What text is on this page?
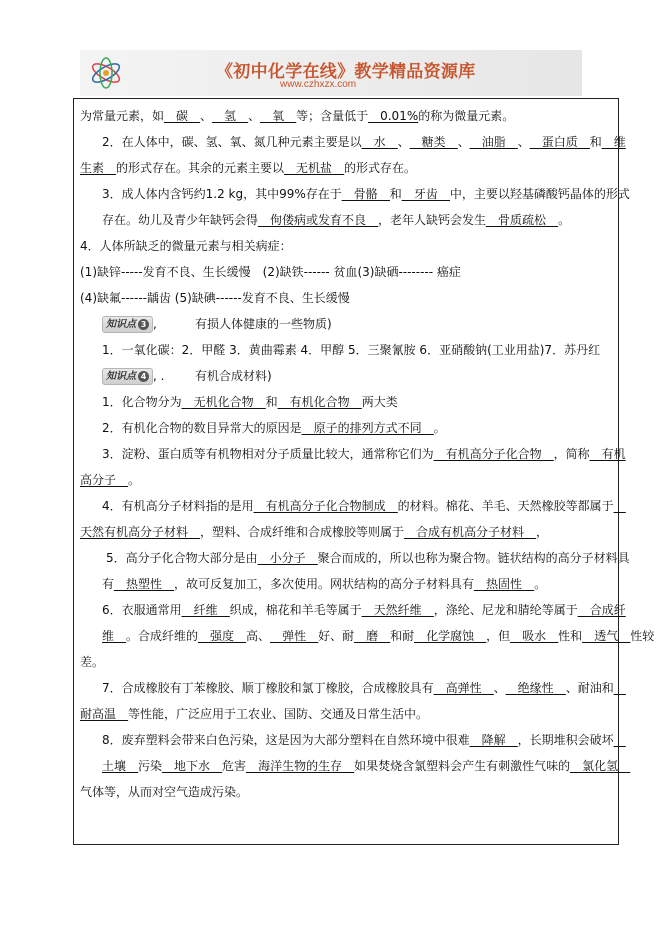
《初中化学在线》教学精品资源库
www.czhxzx.com
为常量元素，如__碳__、__氢__、__氧__等；含量低于__0.01%的称为微量元素。
2．在人体中，碳、氢、氧、氮几种元素主要是以__水__、__糖类__、__油脂__、__蛋白质__和__维
生素__的形式存在。其余的元素主要以__无机盐__的形式存在。
3．成人体内含钙约1.2 kg，其中99%存在于__骨骼__和__牙齿__中，主要以羟基磷酸钙晶体的形式
存在。幼儿及青少年缺钙会得__佝偻病或发育不良__，老年人缺钙会发生__骨质疏松__。
4．人体所缺乏的微量元素与相关病症：
(1)缺锌-----发育不良、生长缓慢　(2)缺铁------ 贫血(3)缺硒-------- 癌症
(4)缺氟------龋齿 (5)缺碘------发育不良、生长缓慢
知识点 3 ,	有损人体健康的一些物质)
1．一氧化碳：2．甲醛 3．黄曲霉素 4．甲醇 5．三聚氰胺 6．亚硝酸钠(工业用盐)7．苏丹红
知识点 4 , .	有机合成材料)
1．化合物分为__无机化合物__和__有机化合物__两大类
2．有机化合物的数目异常大的原因是__原子的排列方式不同__。
3．淀粉、蛋白质等有机物相对分子质量比较大，通常称它们为__有机高分子化合物__，简称__有机
高分子__。
4．有机高分子材料指的是用__有机高分子化合物制成__的材料。棉花、羊毛、天然橡胶等都属于__
天然有机高分子材料__，塑料、合成纤维和合成橡胶等则属于__合成有机高分子材料__，
5．高分子化合物大部分是由__小分子__聚合而成的，所以也称为聚合物。链状结构的高分子材料具
有__热塑性__，故可反复加工，多次使用。网状结构的高分子材料具有__热固性__。
6．衣服通常用__纤维__织成，棉花和羊毛等属于__天然纤维__，涤纶、尼龙和腈纶等属于__合成纤
维__。合成纤维的__强度__高、__弹性__好、耐__磨__和耐__化学腐蚀__，但__吸水__性和__透气__性较
差。
7．合成橡胶有丁苯橡胶、顺丁橡胶和氯丁橡胶，合成橡胶具有__高弹性__、__绝缘性__、耐油和__
耐高温__等性能，广泛应用于工农业、国防、交通及日常生活中。
8．废弃塑料会带来白色污染，这是因为大部分塑料在自然环境中很难__降解__，长期堆积会破坏__
土壤__污染__地下水__危害__海洋生物的生存__如果焚烧含氯塑料会产生有刺激性气味的__氯化氢__
气体等，从而对空气造成污染。
